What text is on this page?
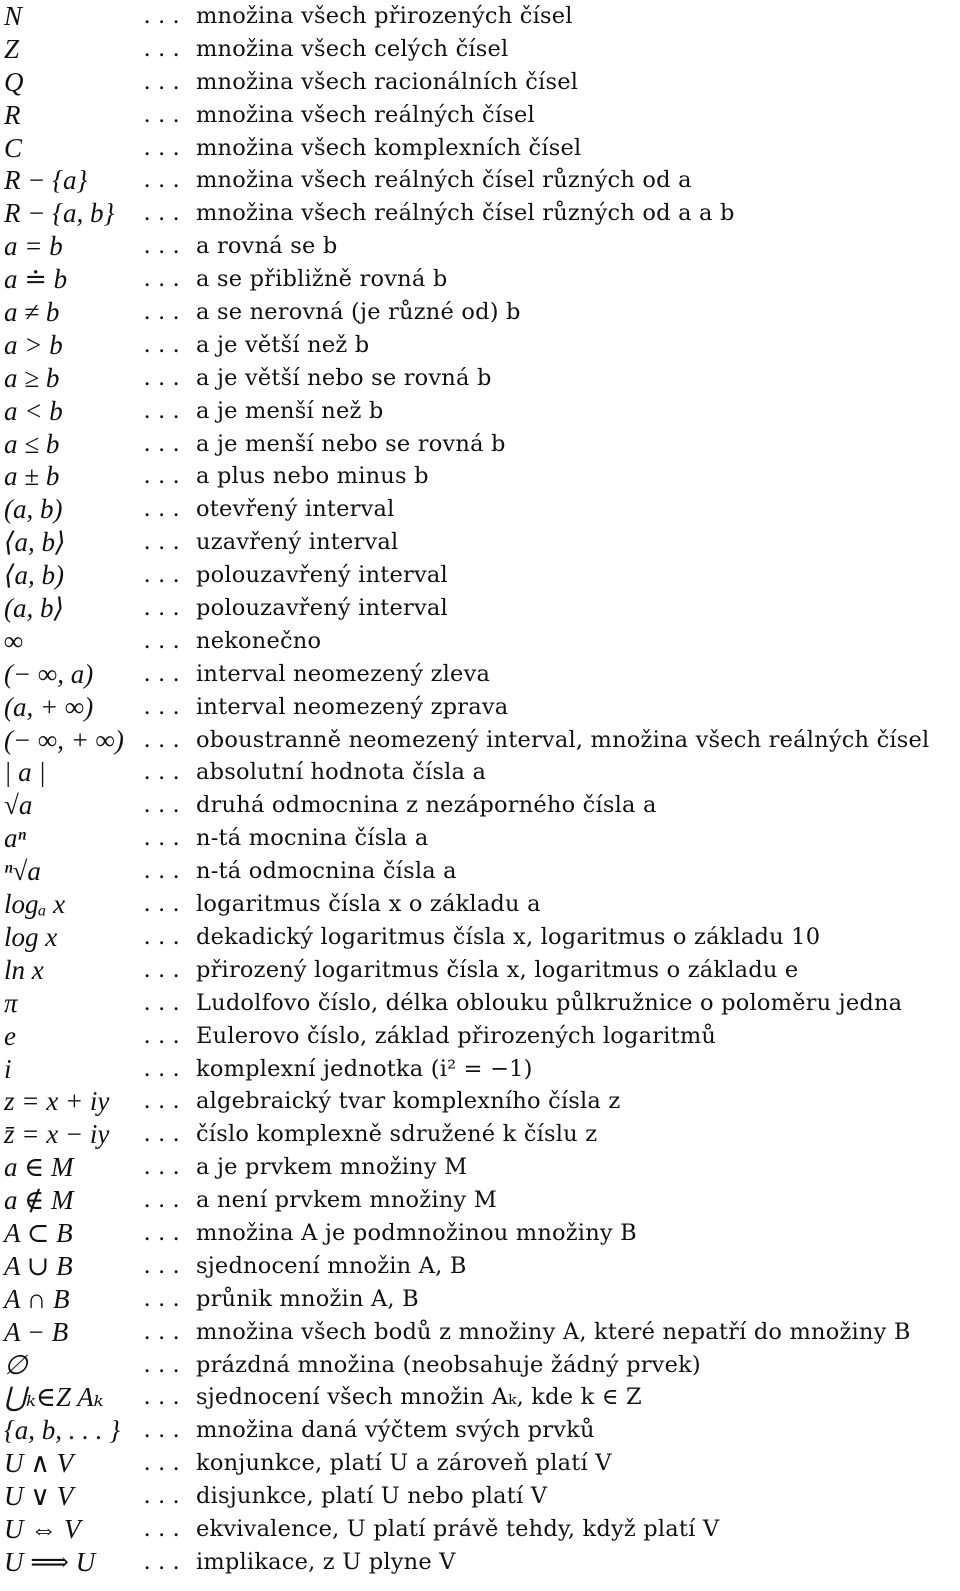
N	. . . množina všech přirozených čísel
Z	. . . množina všech celých čísel
Q	. . . množina všech racionálních čísel
R	. . . množina všech reálných čísel
C	. . . množina všech komplexních čísel
R − {a} . . . množina všech reálných čísel různých od a
R − {a, b} . . . množina všech reálných čísel různých od a a b
a = b	. . . a rovná se b
a ≐ b	. . . a se přibližně rovná b
a ≠ b	. . . a se nerovná (je různé od) b
a > b	. . . a je větší než b
a ≥ b	. . . a je větší nebo se rovná b
a < b	. . . a je menší než b
a ≤ b	. . . a je menší nebo se rovná b
a ± b	. . . a plus nebo minus b
(a, b)	. . . otevřený interval
⟨a, b⟩	. . . uzavřený interval
⟨a, b)	. . . polouzavřený interval
(a, b⟩	. . . polouzavřený interval
∞	. . . nekonečno
(− ∞, a) . . . interval neomezený zleva
(a, + ∞) . . . interval neomezený zprava
(− ∞, + ∞) . . . oboustranně neomezený interval, množina všech reálných čísel
| a |	. . . absolutní hodnota čísla a
√a	. . . druhá odmocnina z nezáporného čísla a
aⁿ	. . . n-tá mocnina čísla a
ⁿ√a	. . . n-tá odmocnina čísla a
logₐ x	. . . logaritmus čísla x o základu a
log x	. . . dekadický logaritmus čísla x, logaritmus o základu 10
ln x	. . . přirozený logaritmus čísla x, logaritmus o základu e
π	. . . Ludolfovo číslo, délka oblouku půlkružnice o poloměru jedna
e	. . . Eulerovo číslo, základ přirozených logaritmů
i	. . . komplexní jednotka (i² = −1)
z = x + iy . . . algebraický tvar komplexního čísla z
z̄ = x − iy . . . číslo komplexně sdružené k číslu z
a ∈ M	. . . a je prvkem množiny M
a ∉ M	. . . a není prvkem množiny M
A ⊂ B	. . . množina A je podmnožinou množiny B
A ∪ B	. . . sjednocení množin A, B
A ∩ B	. . . průnik množin A, B
A − B	. . . množina všech bodů z množiny A, které nepatří do množiny B
∅	. . . prázdná množina (neobsahuje žádný prvek)
⋃ₖ∈Z Aₖ . . . sjednocení všech množin Aₖ, kde k ∈ Z
{a, b, . . . } . . . množina daná výčtem svých prvků
U ∧ V	. . . konjunkce, platí U a zároveň platí V
U ∨ V	. . . disjunkce, platí U nebo platí V
U ⇔ V	. . . ekvivalence, U platí právě tehdy, když platí V
U ⟹ U . . . implikace, z U plyne V
